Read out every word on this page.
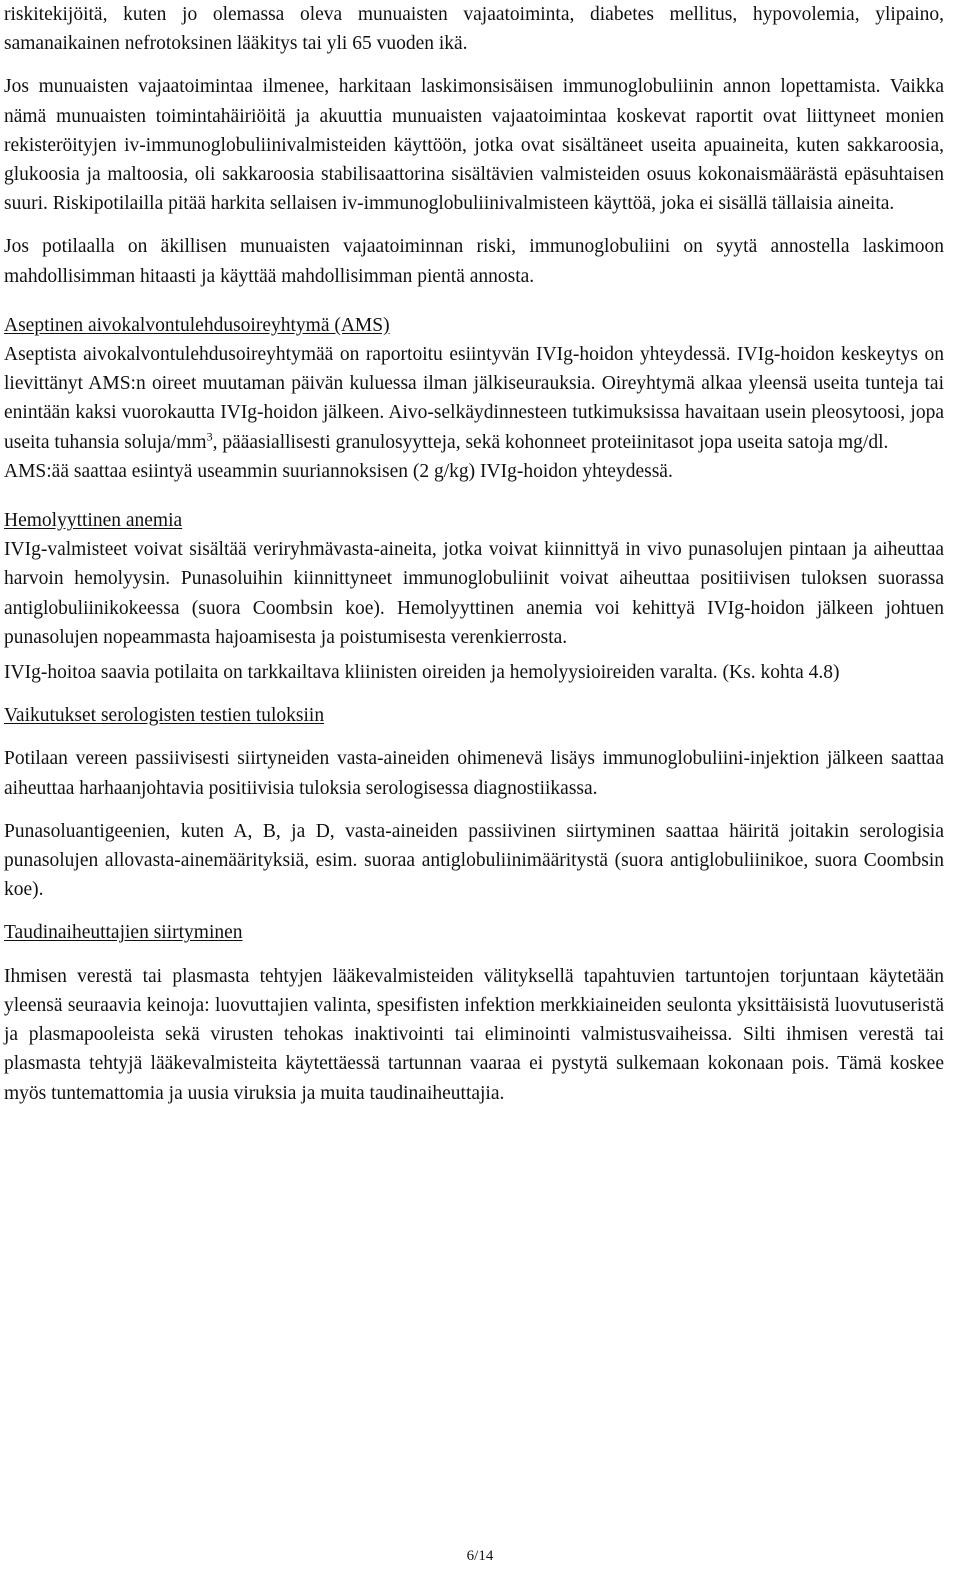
riskitekijöitä, kuten jo olemassa oleva munuaisten vajaatoiminta, diabetes mellitus, hypovolemia, ylipaino, samanaikainen nefrotoksinen lääkitys tai yli 65 vuoden ikä.

Jos munuaisten vajaatoimintaa ilmenee, harkitaan laskimonsisäisen immunoglobuliinin annon lopettamista. Vaikka nämä munuaisten toimintahäiriöitä ja akuuttia munuaisten vajaatoimintaa koskevat raportit ovat liittyneet monien rekisteröityjen iv-immunoglobuliinivalmisteiden käyttöön, jotka ovat sisältäneet useita apuaineita, kuten sakkaroosia, glukoosia ja maltoosia, oli sakkaroosia stabilisaattorina sisältävien valmisteiden osuus kokonaismäärästä epäsuhtaisen suuri. Riskipotilailla pitää harkita sellaisen iv-immunoglobuliinivalmisteen käyttöä, joka ei sisällä tällaisia aineita.

Jos potilaalla on äkillisen munuaisten vajaatoiminnan riski, immunoglobuliini on syytä annostella laskimoon mahdollisimman hitaasti ja käyttää mahdollisimman pientä annosta.

Aseptinen aivokalvontulehdusoireyhtymä (AMS)

Aseptista aivokalvontulehdusoireyhtymää on raportoitu esiintyvän IVIg-hoidon yhteydessä. IVIg-hoidon keskeytys on lievittänyt AMS:n oireet muutaman päivän kuluessa ilman jälkiseurauksia. Oireyhtymä alkaa yleensä useita tunteja tai enintään kaksi vuorokautta IVIg-hoidon jälkeen. Aivo-selkäydinnesteen tutkimuksissa havaitaan usein pleosytoosi, jopa useita tuhansia soluja/$mm^3$, pääasiallisesti granulosyytteja, sekä kohonneet proteiinitasot jopa useita satoja mg/dl.

AMS:ää saattaa esiintyä useammin suuriannoksisen (2 g/kg) IVIg-hoidon yhteydessä.

Hemolyyttinen anemia

IVIg-valmisteet voivat sisältää veriryhmävasta-aineita, jotka voivat kiinnittyä in vivo punasolujen pintaan ja aiheuttaa harvoin hemolyysin. Punasoluihin kiinnittyneet immunoglobuliinit voivat aiheuttaa positiivisen tuloksen suorassa antiglobuliinikokeessa (suora Coombsin koe). Hemolyyttinen anemia voi kehittyä IVIg-hoidon jälkeen johtuen punasolujen nopeammasta hajoamisesta ja poistumisesta verenkierrosta.

IVIg-hoitoa saavia potilaita on tarkkailtava kliinisten oireiden ja hemolyysioireiden varalta. (Ks. kohta 4.8)

Vaikutukset serologisten testien tuloksiin

Potilaan vereen passiivisesti siirtyneiden vasta-aineiden ohimenevä lisäys immunoglobuliini-injektion jälkeen saattaa aiheuttaa harhaanjohtavia positiivisia tuloksia serologisessa diagnostiikassa.

Punasoluantigeenien, kuten A, B, ja D, vasta-aineiden passiivinen siirtyminen saattaa häiritä joitakin serologisia punasolujen allovasta-ainemäärityksiä, esim. suoraa antiglobuliinimääritystä (suora antiglobuliinikoe, suora Coombsin koe).

Taudinaiheuttajien siirtyminen

Ihmisen verestä tai plasmasta tehtyjen lääkevalmisteiden välityksellä tapahtuvien tartuntojen torjuntaan käytetään yleensä seuraavia keinoja: luovuttajien valinta, spesifisten infektion merkkiaineiden seulonta yksittäisistä luovutuseristä ja plasmapooleista sekä virusten tehokas inaktivointi tai eliminointi valmistusvaiheissa. Silti ihmisen verestä tai plasmasta tehtyjä lääkevalmisteita käytettäessä tartunnan vaaraa ei pystytä sulkemaan kokonaan pois. Tämä koskee myös tuntemattomia ja uusia viruksia ja muita taudinaiheuttajia.

6/14
